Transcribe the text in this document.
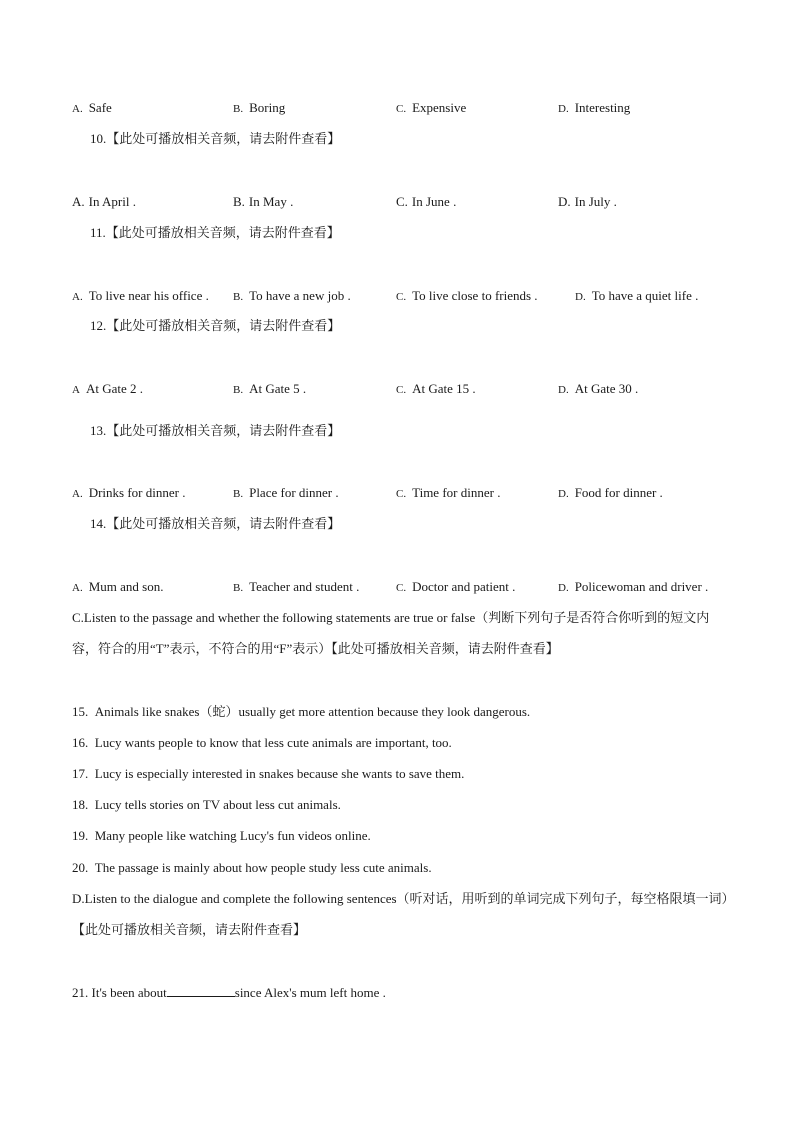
A. Safe	B. Boring	C. Expensive	D. Interesting
10.【此处可播放相关音频，请去附件查看】
A. In April .	B. In May .	C. In June .	D. In July .
11.【此处可播放相关音频，请去附件查看】
A. To live near his office . B. To have a new job .	C. To live close to friends .	D. To have a quiet life .
12.【此处可播放相关音频，请去附件查看】
A At Gate 2 .	B. At Gate 5 .	C. At Gate 15 .	D. At Gate 30 .
13.【此处可播放相关音频，请去附件查看】
A. Drinks for dinner .	B. Place for dinner .	C. Time for dinner .	D. Food for dinner .
14.【此处可播放相关音频，请去附件查看】
A. Mum and son.	B. Teacher and student .	C. Doctor and patient .	D. Policewoman and driver .
C.Listen to the passage and whether the following statements are true or false（判断下列句子是否符合你听到的短文内容，符合的用“T”表示，不符合的用“F”表示）【此处可播放相关音频，请去附件查看】
15. Animals like snakes（蛇）usually get more attention because they look dangerous.
16. Lucy wants people to know that less cute animals are important, too.
17. Lucy is especially interested in snakes because she wants to save them.
18. Lucy tells stories on TV about less cut animals.
19. Many people like watching Lucy's fun videos online.
20. The passage is mainly about how people study less cute animals.
D.Listen to the dialogue and complete the following sentences（听对话，用听到的单词完成下列句子，每空格限填一词）【此处可播放相关音频，请去附件查看】
21. It's been about	since Alex's mum left home .
